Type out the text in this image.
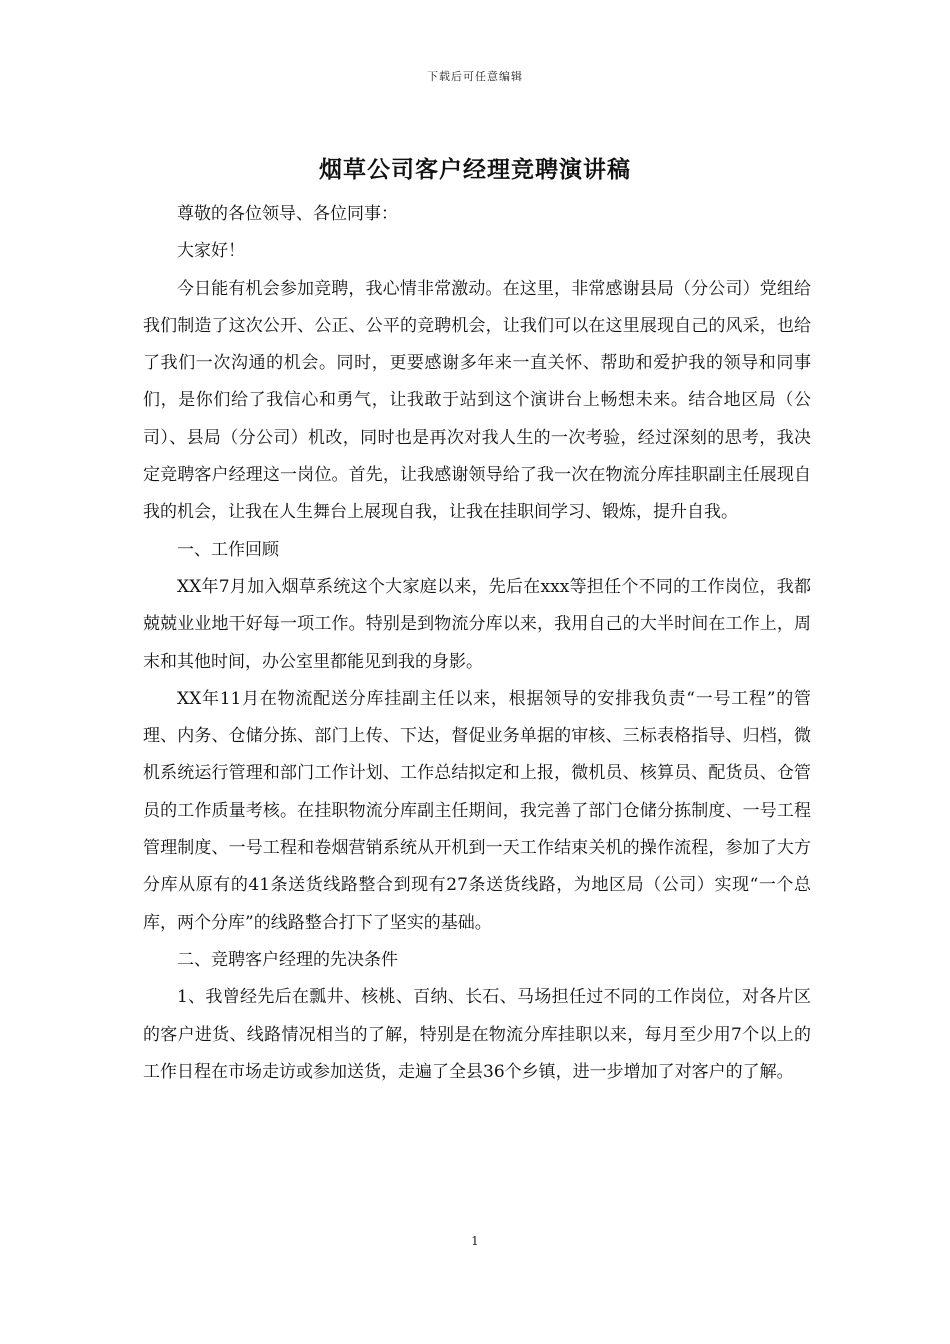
下载后可任意编辑
烟草公司客户经理竞聘演讲稿

尊敬的各位领导、各位同事：

大家好！

今日能有机会参加竞聘，我心情非常激动。在这里，非常感谢县局（分公司）党组给我们制造了这次公开、公正、公平的竞聘机会，让我们可以在这里展现自己的风采，也给了我们一次沟通的机会。同时，更要感谢多年来一直关怀、帮助和爱护我的领导和同事们，是你们给了我信心和勇气，让我敢于站到这个演讲台上畅想未来。结合地区局（公司）、县局（分公司）机改，同时也是再次对我人生的一次考验，经过深刻的思考，我决定竞聘客户经理这一岗位。首先，让我感谢领导给了我一次在物流分库挂职副主任展现自我的机会，让我在人生舞台上展现自我，让我在挂职间学习、锻炼，提升自我。

一、工作回顾

XX年7月加入烟草系统这个大家庭以来，先后在xxx等担任个不同的工作岗位，我都兢兢业业地干好每一项工作。特别是到物流分库以来，我用自己的大半时间在工作上，周末和其他时间，办公室里都能见到我的身影。

XX年11月在物流配送分库挂副主任以来，根据领导的安排我负责“一号工程”的管理、内务、仓储分拣、部门上传、下达，督促业务单据的审核、三标表格指导、归档，微机系统运行管理和部门工作计划、工作总结拟定和上报，微机员、核算员、配货员、仓管员的工作质量考核。在挂职物流分库副主任期间，我完善了部门仓储分拣制度、一号工程管理制度、一号工程和卷烟营销系统从开机到一天工作结束关机的操作流程，参加了大方分库从原有的41条送货线路整合到现有27条送货线路，为地区局（公司）实现“一个总库，两个分库”的线路整合打下了坚实的基础。

二、竞聘客户经理的先决条件

1、我曾经先后在瓢井、核桃、百纳、长石、马场担任过不同的工作岗位，对各片区的客户进货、线路情况相当的了解，特别是在物流分库挂职以来，每月至少用7个以上的工作日程在市场走访或参加送货，走遍了全县36个乡镇，进一步增加了对客户的了解。

1
